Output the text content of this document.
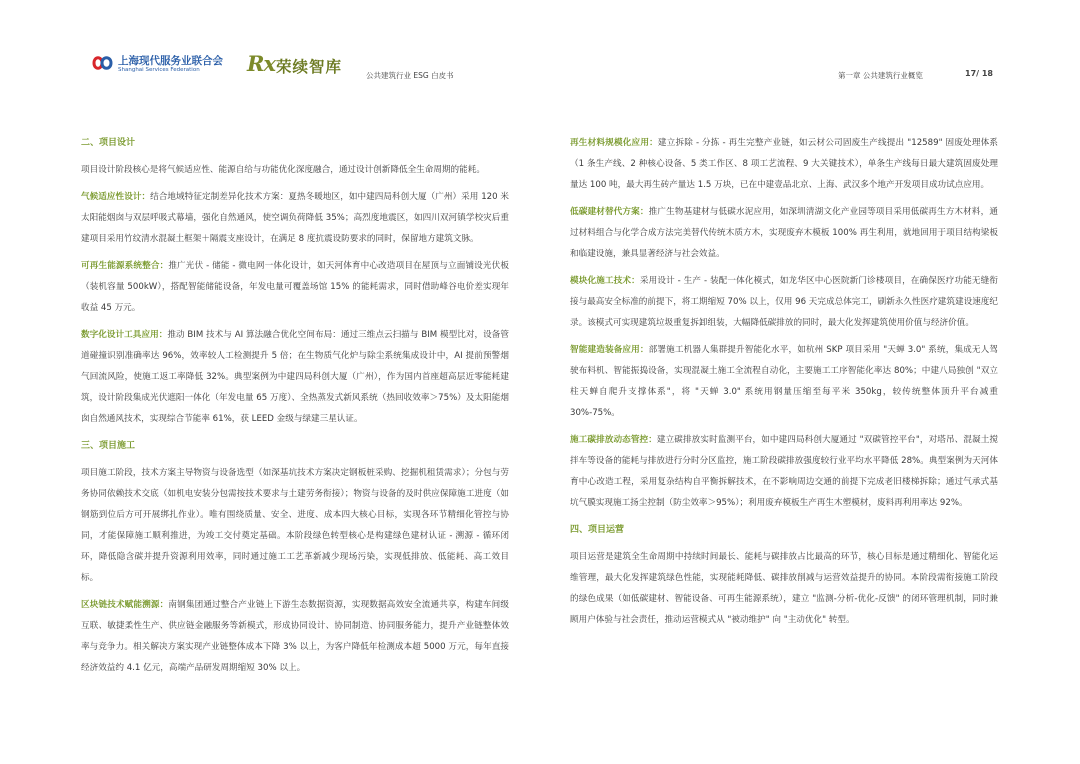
上海现代服务业联合会
Shanghai Services Federation Rx 荣续智库	公共建筑行业 ESG 白皮书	第一章 公共建筑行业概览	17/ 18
二、项目设计

项目设计阶段核心是将气候适应性、能源自给与功能优化深度融合，通过设计创新降低全生命周期的能耗。

气候适应性设计：结合地域特征定制差异化技术方案：夏热冬暖地区，如中建四局科创大厦（广州）采用 120 米太阳能烟囱与双层呼吸式幕墙，强化自然通风，使空调负荷降低 35%；高烈度地震区，如四川双河镇学校灾后重建项目采用竹纹清水混凝土框架＋隔震支座设计，在满足 8 度抗震设防要求的同时，保留地方建筑文脉。

可再生能源系统整合：推广光伏 - 储能 - 微电网一体化设计，如天河体育中心改造项目在屋顶与立面铺设光伏板（装机容量 500kW），搭配智能储能设备，年发电量可覆盖场馆 15% 的能耗需求，同时借助峰谷电价差实现年收益 45 万元。

数字化设计工具应用：推动 BIM 技术与 AI 算法融合优化空间布局：通过三维点云扫描与 BIM 模型比对，设备管道碰撞识别准确率达 96%，效率较人工检测提升 5 倍；在生物质气化炉与除尘系统集成设计中，AI 提前预警烟气回流风险，使施工返工率降低 32%。典型案例为中建四局科创大厦（广州），作为国内首座超高层近零能耗建筑，设计阶段集成光伏遮阳一体化（年发电量 65 万度）、全热蒸发式新风系统（热回收效率＞75%）及太阳能烟囱自然通风技术，实现综合节能率 61%，获 LEED 金级与绿建三星认证。

三、项目施工

项目施工阶段，技术方案主导物资与设备选型（如深基坑技术方案决定钢板桩采购、挖掘机租赁需求）；分包与劳务协同依赖技术交底（如机电安装分包需按技术要求与土建劳务衔接）；物资与设备的及时供应保障施工进度（如钢筋到位后方可开展绑扎作业）。唯有围绕质量、安全、进度、成本四大核心目标，实现各环节精细化管控与协同，才能保障施工顺利推进，为竣工交付奠定基础。本阶段绿色转型核心是构建绿色建材认证 - 溯源 - 循环闭环，降低隐含碳并提升资源利用效率，同时通过施工工艺革新减少现场污染，实现低排放、低能耗、高工效目标。

区块链技术赋能溯源：南钢集团通过整合产业链上下游生态数据资源，实现数据高效安全流通共享，构建车间级互联、敏捷柔性生产、供应链金融服务等新模式，形成协同设计、协同制造、协同服务能力，提升产业链整体效率与竞争力。相关解决方案实现产业链整体成本下降 3% 以上，为客户降低年检测成本超 5000 万元，每年直接经济效益约 4.1 亿元，高端产品研发周期缩短 30% 以上。

再生材料规模化应用：建立拆除 - 分拣 - 再生完整产业链，如云材公司固废生产线提出 "12589" 固废处理体系（1 条生产线、2 种核心设备、5 类工作区、8 项工艺流程、9 大关键技术），单条生产线每日最大建筑固废处理量达 100 吨，最大再生砖产量达 1.5 万块，已在中建壹品北京、上海、武汉多个地产开发项目成功试点应用。

低碳建材替代方案：推广生物基建材与低碳水泥应用，如深圳清湖文化产业园等项目采用低碳再生方木材料，通过材料组合与化学合成方法完美替代传统木质方木，实现废弃木模板 100% 再生利用，就地回用于项目结构梁板和临建设施，兼具显著经济与社会效益。

模块化施工技术：采用设计 - 生产 - 装配一体化模式，如龙华区中心医院新门诊楼项目，在确保医疗功能无缝衔接与最高安全标准的前提下，将工期缩短 70% 以上，仅用 96 天完成总体完工，刷新永久性医疗建筑建设速度纪录。该模式可实现建筑垃圾重复拆卸组装，大幅降低碳排放的同时，最大化发挥建筑使用价值与经济价值。

智能建造装备应用：部署施工机器人集群提升智能化水平，如杭州 SKP 项目采用 "天蝉 3.0" 系统，集成无人驾驶布料机、智能振捣设备，实现混凝土施工全流程自动化，主要施工工序智能化率达 80%；中建八局独创 "双立柱天蝉自爬升支撑体系"，将 "天蝉 3.0" 系统用钢量压缩至每平米 350kg，较传统整体顶升平台减重 30%-75%。

施工碳排放动态管控：建立碳排放实时监测平台，如中建四局科创大厦通过 "双碳管控平台"，对塔吊、混凝土搅拌车等设备的能耗与排放进行分时分区监控，施工阶段碳排放强度较行业平均水平降低 28%。典型案例为天河体育中心改造工程，采用复杂结构自平衡拆解技术，在不影响周边交通的前提下完成老旧楼梯拆除；通过气承式基坑气膜实现施工扬尘控制（防尘效率＞95%）；利用废弃模板生产再生木塑模材，废料再利用率达 92%。

四、项目运营

项目运营是建筑全生命周期中持续时间最长、能耗与碳排放占比最高的环节，核心目标是通过精细化、智能化运维管理，最大化发挥建筑绿色性能，实现能耗降低、碳排放削减与运营效益提升的协同。本阶段需衔接施工阶段的绿色成果（如低碳建材、智能设备、可再生能源系统），建立 "监测-分析-优化-反馈" 的闭环管理机制，同时兼顾用户体验与社会责任，推动运营模式从 "被动维护" 向 "主动优化" 转型。
